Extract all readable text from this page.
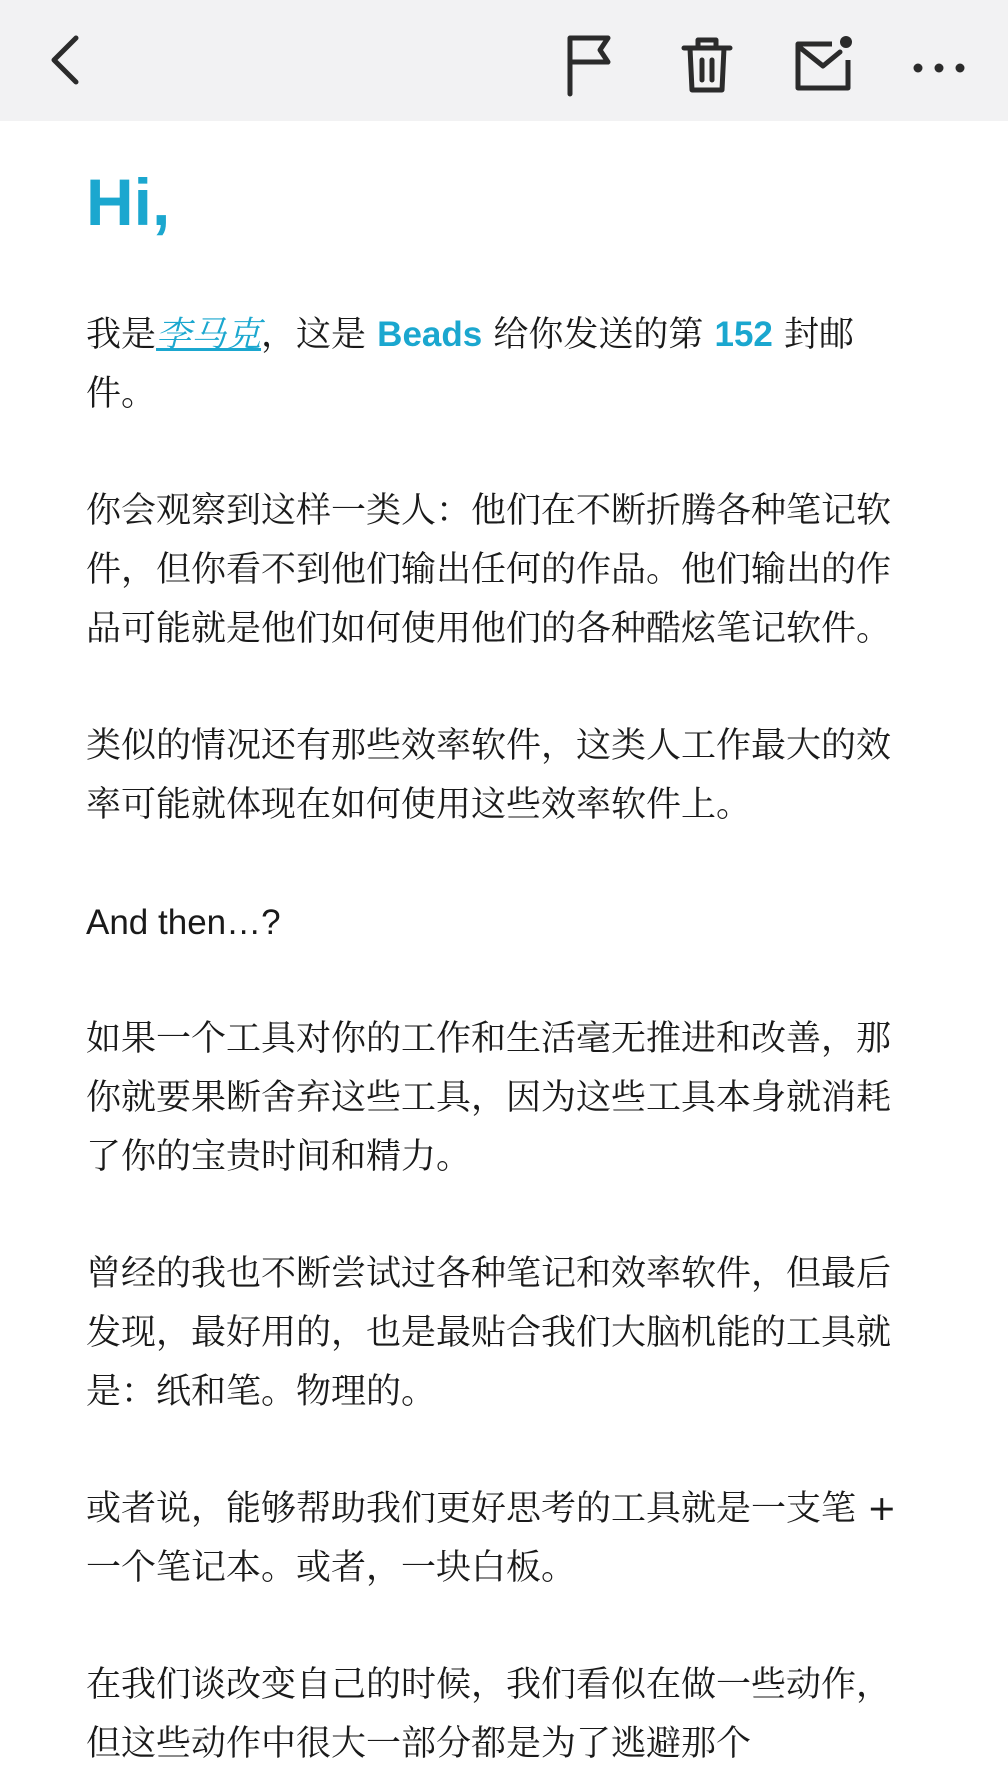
Hi,

我是李马克，这是 Beads 给你发送的第 152 封邮件。

你会观察到这样一类人：他们在不断折腾各种笔记软件，但你看不到他们输出任何的作品。他们输出的作品可能就是他们如何使用他们的各种酷炫笔记软件。

类似的情况还有那些效率软件，这类人工作最大的效率可能就体现在如何使用这些效率软件上。

And then…?

如果一个工具对你的工作和生活毫无推进和改善，那你就要果断舍弃这些工具，因为这些工具本身就消耗了你的宝贵时间和精力。

曾经的我也不断尝试过各种笔记和效率软件，但最后发现，最好用的，也是最贴合我们大脑机能的工具就是：纸和笔。物理的。

或者说，能够帮助我们更好思考的工具就是一支笔 + 一个笔记本。或者，一块白板。

在我们谈改变自己的时候，我们看似在做一些动作，但这些动作中很大一部分都是为了逃避那个
